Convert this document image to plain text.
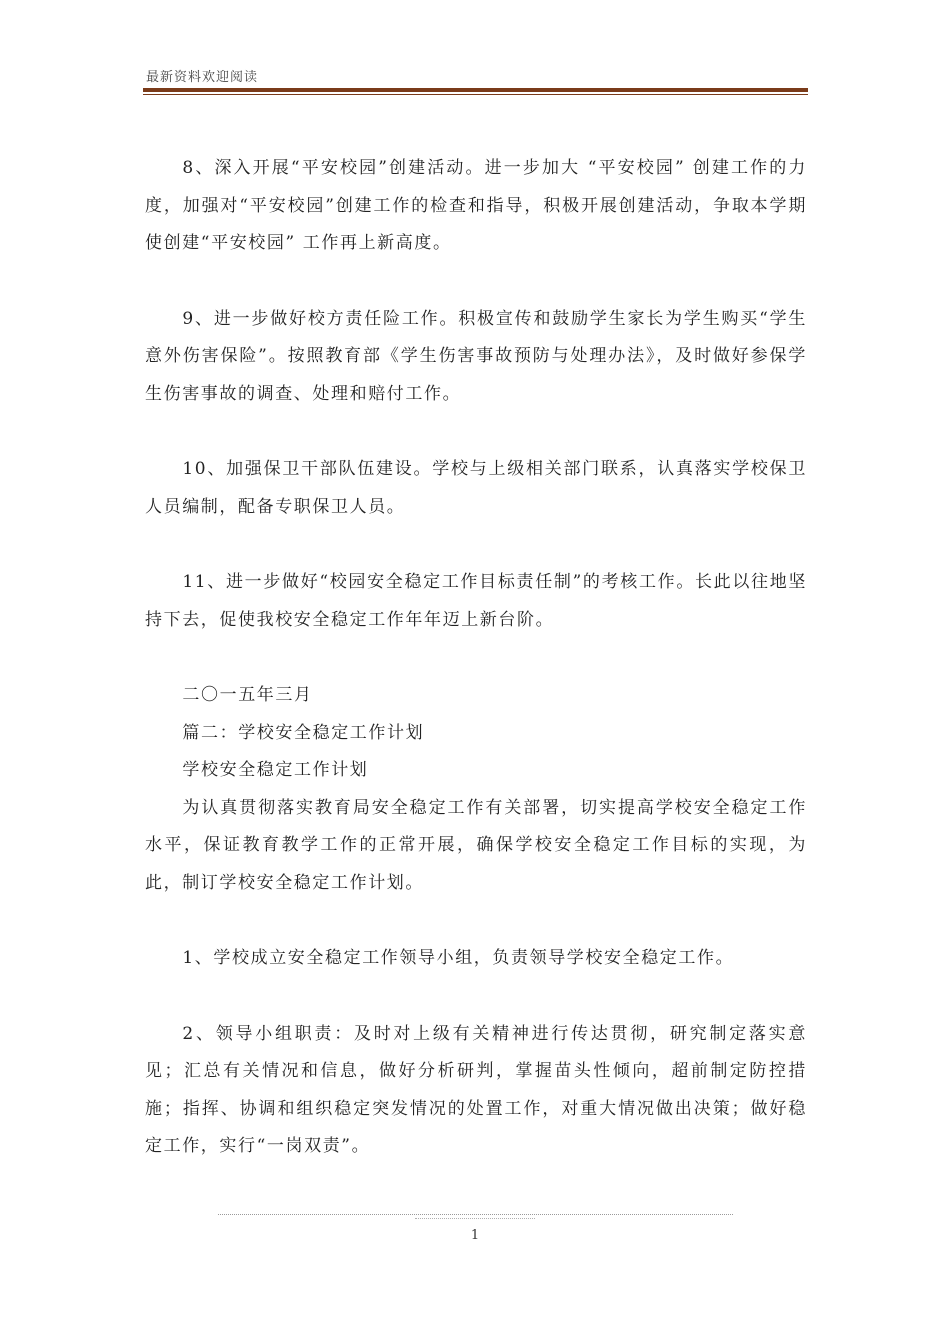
最新资料欢迎阅读

8、深入开展“平安校园”创建活动。进一步加大 “平安校园” 创建工作的力度，加强对“平安校园”创建工作的检查和指导，积极开展创建活动，争取本学期使创建“平安校园” 工作再上新高度。

9、进一步做好校方责任险工作。积极宣传和鼓励学生家长为学生购买“学生意外伤害保险”。按照教育部《学生伤害事故预防与处理办法》，及时做好参保学生伤害事故的调查、处理和赔付工作。

10、加强保卫干部队伍建设。学校与上级相关部门联系，认真落实学校保卫人员编制，配备专职保卫人员。

11、进一步做好“校园安全稳定工作目标责任制”的考核工作。长此以往地坚持下去，促使我校安全稳定工作年年迈上新台阶。

二〇一五年三月

篇二：学校安全稳定工作计划

学校安全稳定工作计划

为认真贯彻落实教育局安全稳定工作有关部署，切实提高学校安全稳定工作水平，保证教育教学工作的正常开展，确保学校安全稳定工作目标的实现，为此，制订学校安全稳定工作计划。

1、学校成立安全稳定工作领导小组，负责领导学校安全稳定工作。

2、领导小组职责：及时对上级有关精神进行传达贯彻，研究制定落实意见；汇总有关情况和信息，做好分析研判，掌握苗头性倾向，超前制定防控措施；指挥、协调和组织稳定突发情况的处置工作，对重大情况做出决策；做好稳定工作，实行“一岗双责”。

1
